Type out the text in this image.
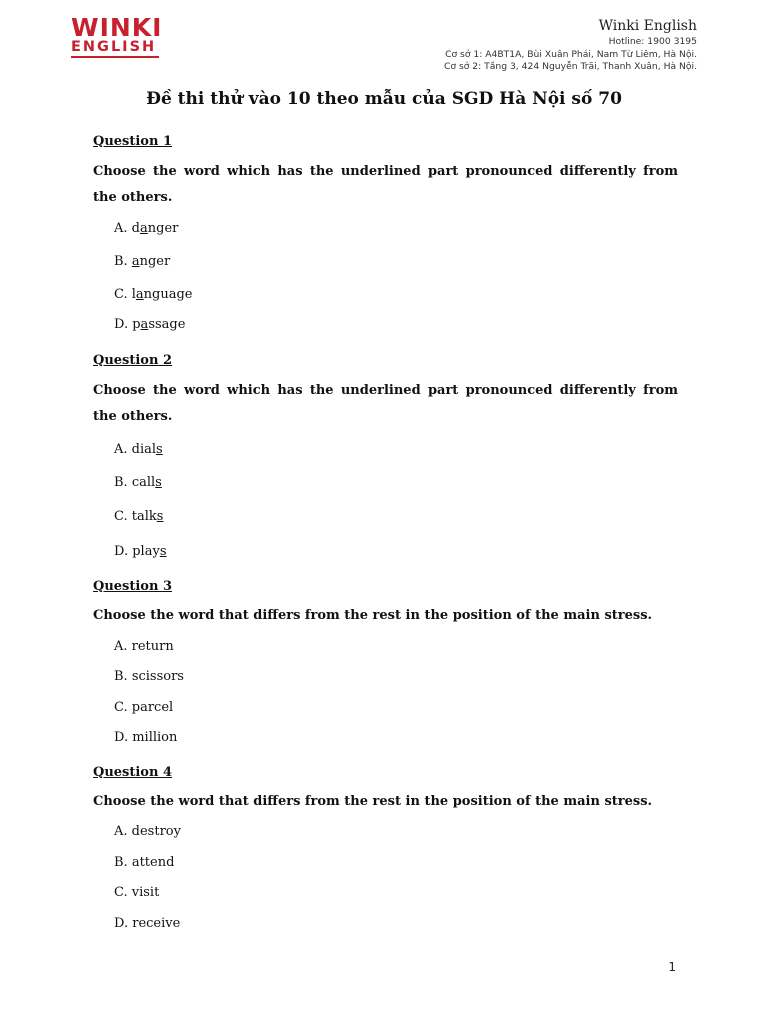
WINKI
ENGLISH
Winki English
Hotline: 1900 3195
Cơ sở 1: A4BT1A, Bùi Xuân Phái, Nam Từ Liêm, Hà Nội.
Cơ sở 2: Tầng 3, 424 Nguyễn Trãi, Thanh Xuân, Hà Nội.
Đề thi thử vào 10 theo mẫu của SGD Hà Nội số 70

Question 1

Choose the word which has the underlined part pronounced differently from the others.

A. danger

B. anger

C. language

D. passage

Question 2

Choose the word which has the underlined part pronounced differently from the others.

A. dials

B. calls

C. talks

D. plays

Question 3

Choose the word that differs from the rest in the position of the main stress.

A. return

B. scissors

C. parcel

D. million

Question 4

Choose the word that differs from the rest in the position of the main stress.

A. destroy

B. attend

C. visit

D. receive

1
